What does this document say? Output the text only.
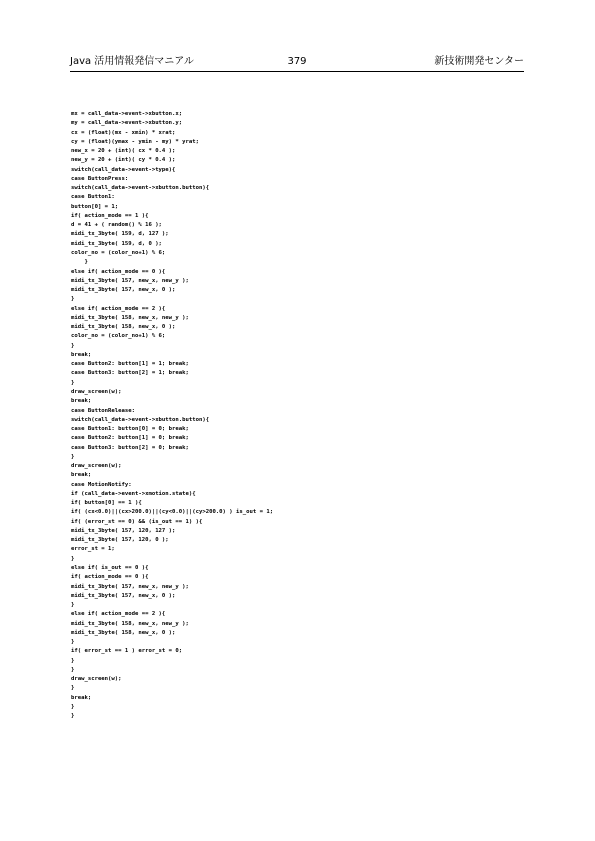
Java 活用情報発信マニアル	379	新技術開発センター
mx = call_data->event->xbutton.x;
my = call_data->event->xbutton.y;
cx = (float)(mx - xmin) * xrat;
cy = (float)(ymax - ymin - my) * yrat;
new_x = 20 + (int)( cx * 0.4 );
new_y = 20 + (int)( cy * 0.4 );
switch(call_data->event->type){
case ButtonPress:
switch(call_data->event->xbutton.button){
case Button1:
button[0] = 1;
if( action_mode == 1 ){
d = 41 + ( random() % 16 );
midi_tx_3byte( 159, d, 127 );
midi_tx_3byte( 159, d, 0 );
color_no = (color_no+1) % 6;
}
else if( action_mode == 0 ){
midi_tx_3byte( 157, new_x, new_y );
midi_tx_3byte( 157, new_x, 0 );
}
else if( action_mode == 2 ){
midi_tx_3byte( 158, new_x, new_y );
midi_tx_3byte( 158, new_x, 0 );
color_no = (color_no+1) % 6;
}
break;
case Button2: button[1] = 1; break;
case Button3: button[2] = 1; break;
}
draw_screen(w);
break;
case ButtonRelease:
switch(call_data->event->xbutton.button){
case Button1: button[0] = 0; break;
case Button2: button[1] = 0; break;
case Button3: button[2] = 0; break;
}
draw_screen(w);
break;
case MotionNotify:
if (call_data->event->xmotion.state){
if( button[0] == 1 ){
if( (cx<0.0)||(cx>200.0)||(cy<0.0)||(cy>200.0) ) is_out = 1;
if( (error_st == 0) && (is_out == 1) ){
midi_tx_3byte( 157, 120, 127 );
midi_tx_3byte( 157, 120, 0 );
error_st = 1;
}
else if( is_out == 0 ){
if( action_mode == 0 ){
midi_tx_3byte( 157, new_x, new_y );
midi_tx_3byte( 157, new_x, 0 );
}
else if( action_mode == 2 ){
midi_tx_3byte( 158, new_x, new_y );
midi_tx_3byte( 158, new_x, 0 );
}
if( error_st == 1 ) error_st = 0;
}
}
draw_screen(w);
}
break;
}
}
